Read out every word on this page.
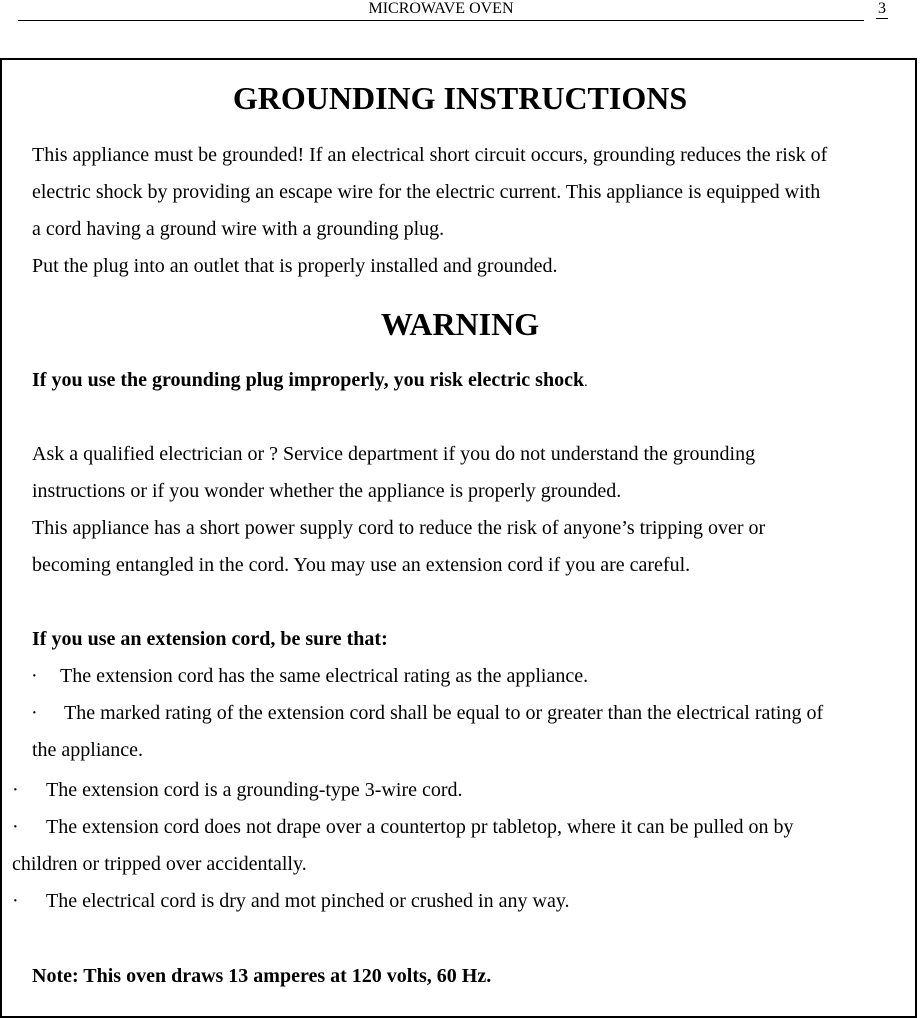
MICROWAVE OVEN	3
GROUNDING INSTRUCTIONS
This appliance must be grounded! If an electrical short circuit occurs, grounding reduces the risk of
electric shock by providing an escape wire for the electric current. This appliance is equipped with
a cord having a ground wire with a grounding plug.
Put the plug into an outlet that is properly installed and grounded.
WARNING
If you use the grounding plug improperly, you risk electric shock.
Ask a qualified electrician or ? Service department if you do not understand the grounding
instructions or if you wonder whether the appliance is properly grounded.
This appliance has a short power supply cord to reduce the risk of anyone’s tripping over or
becoming entangled in the cord. You may use an extension cord if you are careful.
If you use an extension cord, be sure that:
· The extension cord has the same electrical rating as the appliance.
· The marked rating of the extension cord shall be equal to or greater than the electrical rating of
the appliance.
· The extension cord is a grounding-type 3-wire cord.
· The extension cord does not drape over a countertop pr tabletop, where it can be pulled on by
children or tripped over accidentally.
· The electrical cord is dry and mot pinched or crushed in any way.
Note: This oven draws 13 amperes at 120 volts, 60 Hz.
